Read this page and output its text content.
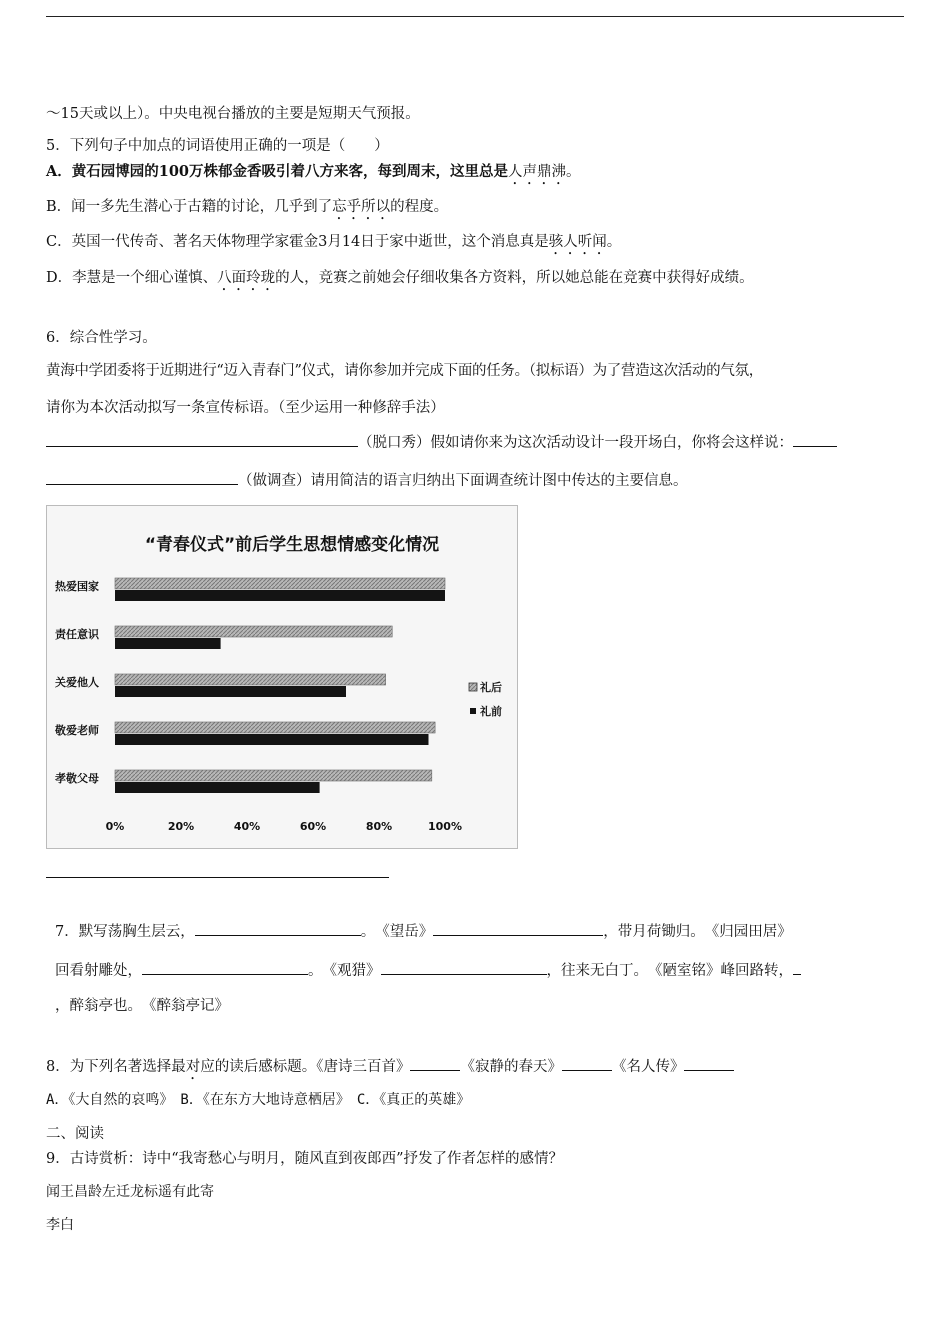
～15天或以上）。中央电视台播放的主要是短期天气预报。
5．下列句子中加点的词语使用正确的一项是（　　）
A．黄石园博园的100万株郁金香吸引着八方来客，每到周末，这里总是人声鼎沸。
B．闻一多先生潜心于古籍的讨论，几乎到了忘乎所以的程度。
C．英国一代传奇、著名天体物理学家霍金3月14日于家中逝世，这个消息真是骇人听闻。
D．李慧是一个细心谨慎、八面玲珑的人，竞赛之前她会仔细收集各方资料，所以她总能在竞赛中获得好成绩。
6．综合性学习。
黄海中学团委将于近期进行“迈入青春门”仪式，请你参加并完成下面的任务。（拟标语）为了营造这次活动的气氛，
请你为本次活动拟写一条宣传标语。（至少运用一种修辞手法）
（脱口秀）假如请你来为这次活动设计一段开场白，你将会这样说：
（做调查）请用简洁的语言归纳出下面调查统计图中传达的主要信息。
“青春仪式”前后学生思想情感变化情况
热爱国家
责任意识
关爱他人
敬爱老师
孝敬父母
0%	20%	40%	60%	80%	100%
礼后
礼前
7．默写荡胸生层云，	。　《望岳》	，带月荷锄归。　《归园田居》
回看射雕处，	。　《观猎》	，往来无白丁。　《陋室铭》峰回路转，
，醉翁亭也。　《醉翁亭记》
8．为下列名著选择最对应的读后感标题。《唐诗三百首》	《寂静的春天》	《名人传》
A．《大自然的哀鸣》　B．《在东方大地诗意栖居》　C．《真正的英雄》
二、阅读
9．古诗赏析：诗中“我寄愁心与明月，随风直到夜郎西”抒发了作者怎样的感情？
闻王昌龄左迁龙标遥有此寄
李白
